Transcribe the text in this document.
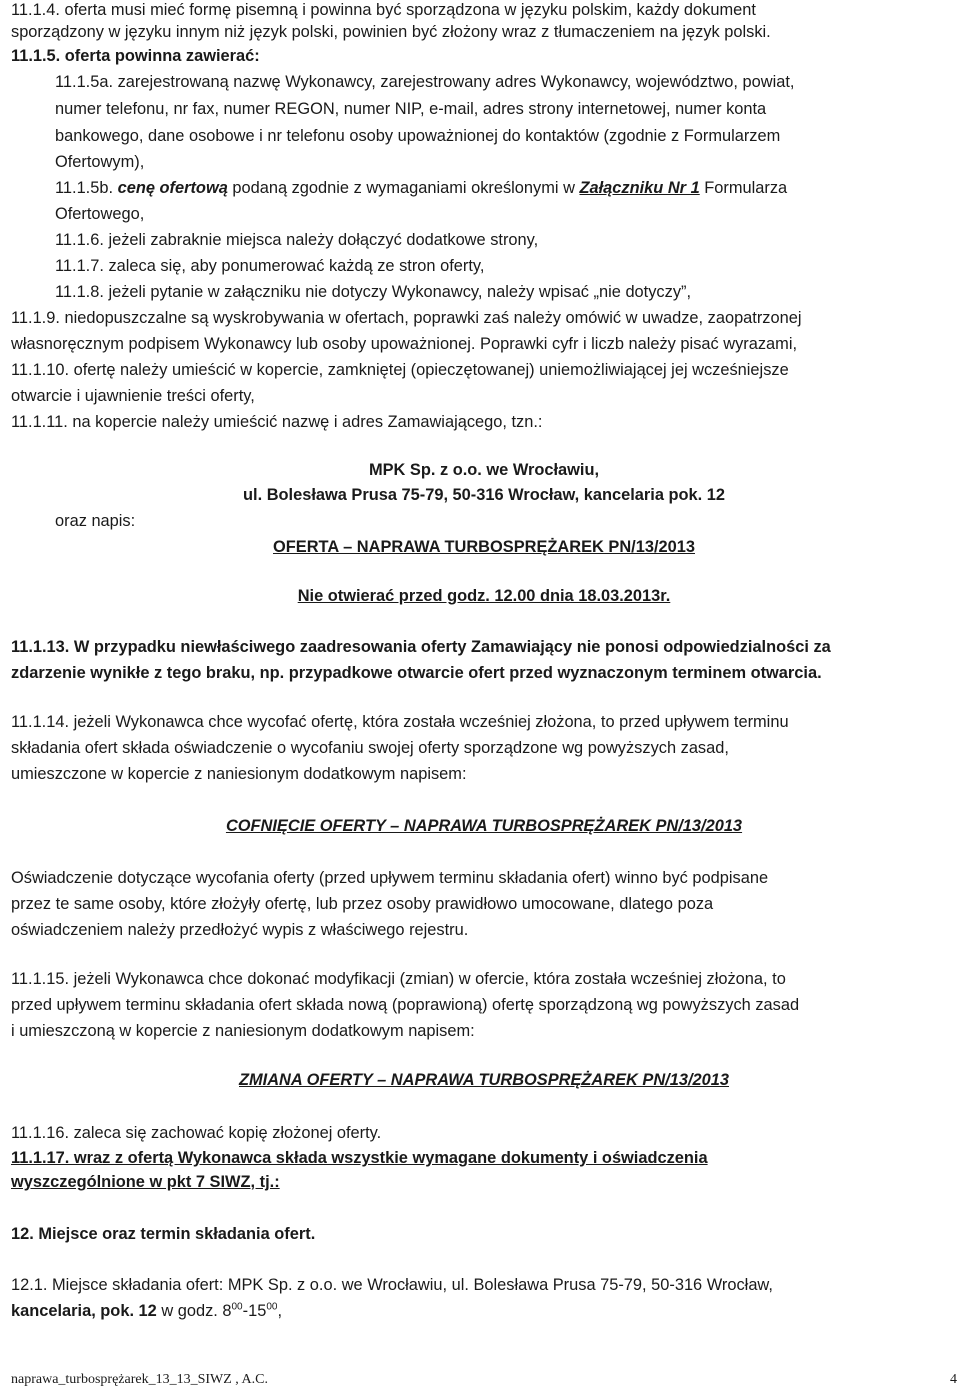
11.1.4. oferta musi mieć formę pisemną i powinna być sporządzona w języku polskim, każdy dokument

sporządzony w języku innym niż język polski, powinien być złożony wraz z tłumaczeniem na język polski.

11.1.5. oferta powinna zawierać:

11.1.5a. zarejestrowaną nazwę Wykonawcy, zarejestrowany adres Wykonawcy, województwo, powiat,

numer telefonu, nr fax, numer REGON, numer NIP, e-mail, adres strony internetowej, numer konta

bankowego, dane osobowe i nr telefonu osoby upoważnionej do kontaktów (zgodnie z Formularzem

Ofertowym),

11.1.5b. cenę ofertową podaną zgodnie z wymaganiami określonymi w Załączniku Nr 1 Formularza

Ofertowego,

11.1.6. jeżeli zabraknie miejsca należy dołączyć dodatkowe strony,

11.1.7. zaleca się, aby ponumerować każdą ze stron oferty,

11.1.8. jeżeli pytanie w załączniku nie dotyczy Wykonawcy, należy wpisać „nie dotyczy”,

11.1.9. niedopuszczalne są wyskrobywania w ofertach, poprawki zaś należy omówić w uwadze, zaopatrzonej

własnoręcznym podpisem Wykonawcy lub osoby upoważnionej. Poprawki cyfr i liczb należy pisać wyrazami,

11.1.10. ofertę należy umieścić w kopercie, zamkniętej (opieczętowanej) uniemożliwiającej jej wcześniejsze

otwarcie i ujawnienie treści oferty,

11.1.11. na kopercie należy umieścić nazwę i adres Zamawiającego, tzn.:

MPK Sp. z o.o. we Wrocławiu,

ul. Bolesława Prusa 75-79, 50-316 Wrocław, kancelaria pok. 12

oraz napis:

OFERTA – NAPRAWA TURBOSPRĘŻAREK PN/13/2013

Nie otwierać przed godz. 12.00 dnia 18.03.2013r.

11.1.13. W przypadku niewłaściwego zaadresowania oferty Zamawiający nie ponosi odpowiedzialności za

zdarzenie wynikłe z tego braku, np. przypadkowe otwarcie ofert przed wyznaczonym terminem otwarcia.

11.1.14. jeżeli Wykonawca chce wycofać ofertę, która została wcześniej złożona, to przed upływem terminu

składania ofert składa oświadczenie o wycofaniu swojej oferty sporządzone wg powyższych zasad,

umieszczone w kopercie z naniesionym dodatkowym napisem:

COFNIĘCIE OFERTY – NAPRAWA TURBOSPRĘŻAREK PN/13/2013

Oświadczenie dotyczące wycofania oferty (przed upływem terminu składania ofert) winno być podpisane

przez te same osoby, które złożyły ofertę, lub przez osoby prawidłowo umocowane, dlatego poza

oświadczeniem należy przedłożyć wypis z właściwego rejestru.

11.1.15. jeżeli Wykonawca chce dokonać modyfikacji (zmian) w ofercie, która została wcześniej złożona, to

przed upływem terminu składania ofert składa nową (poprawioną) ofertę sporządzoną wg powyższych zasad

i umieszczoną w kopercie z naniesionym dodatkowym napisem:

ZMIANA OFERTY – NAPRAWA TURBOSPRĘŻAREK PN/13/2013

11.1.16. zaleca się zachować kopię złożonej oferty.

11.1.17. wraz z ofertą Wykonawca składa wszystkie wymagane dokumenty i oświadczenia

wyszczególnione w pkt 7 SIWZ, tj.:

12. Miejsce oraz termin składania ofert.

12.1. Miejsce składania ofert: MPK Sp. z o.o. we Wrocławiu, ul. Bolesława Prusa 75-79, 50-316 Wrocław,

kancelaria, pok. 12 w godz. $8^{00}-15^{00}$,

naprawa_turbosprężarek_13_13_SIWZ , A.C.	4
